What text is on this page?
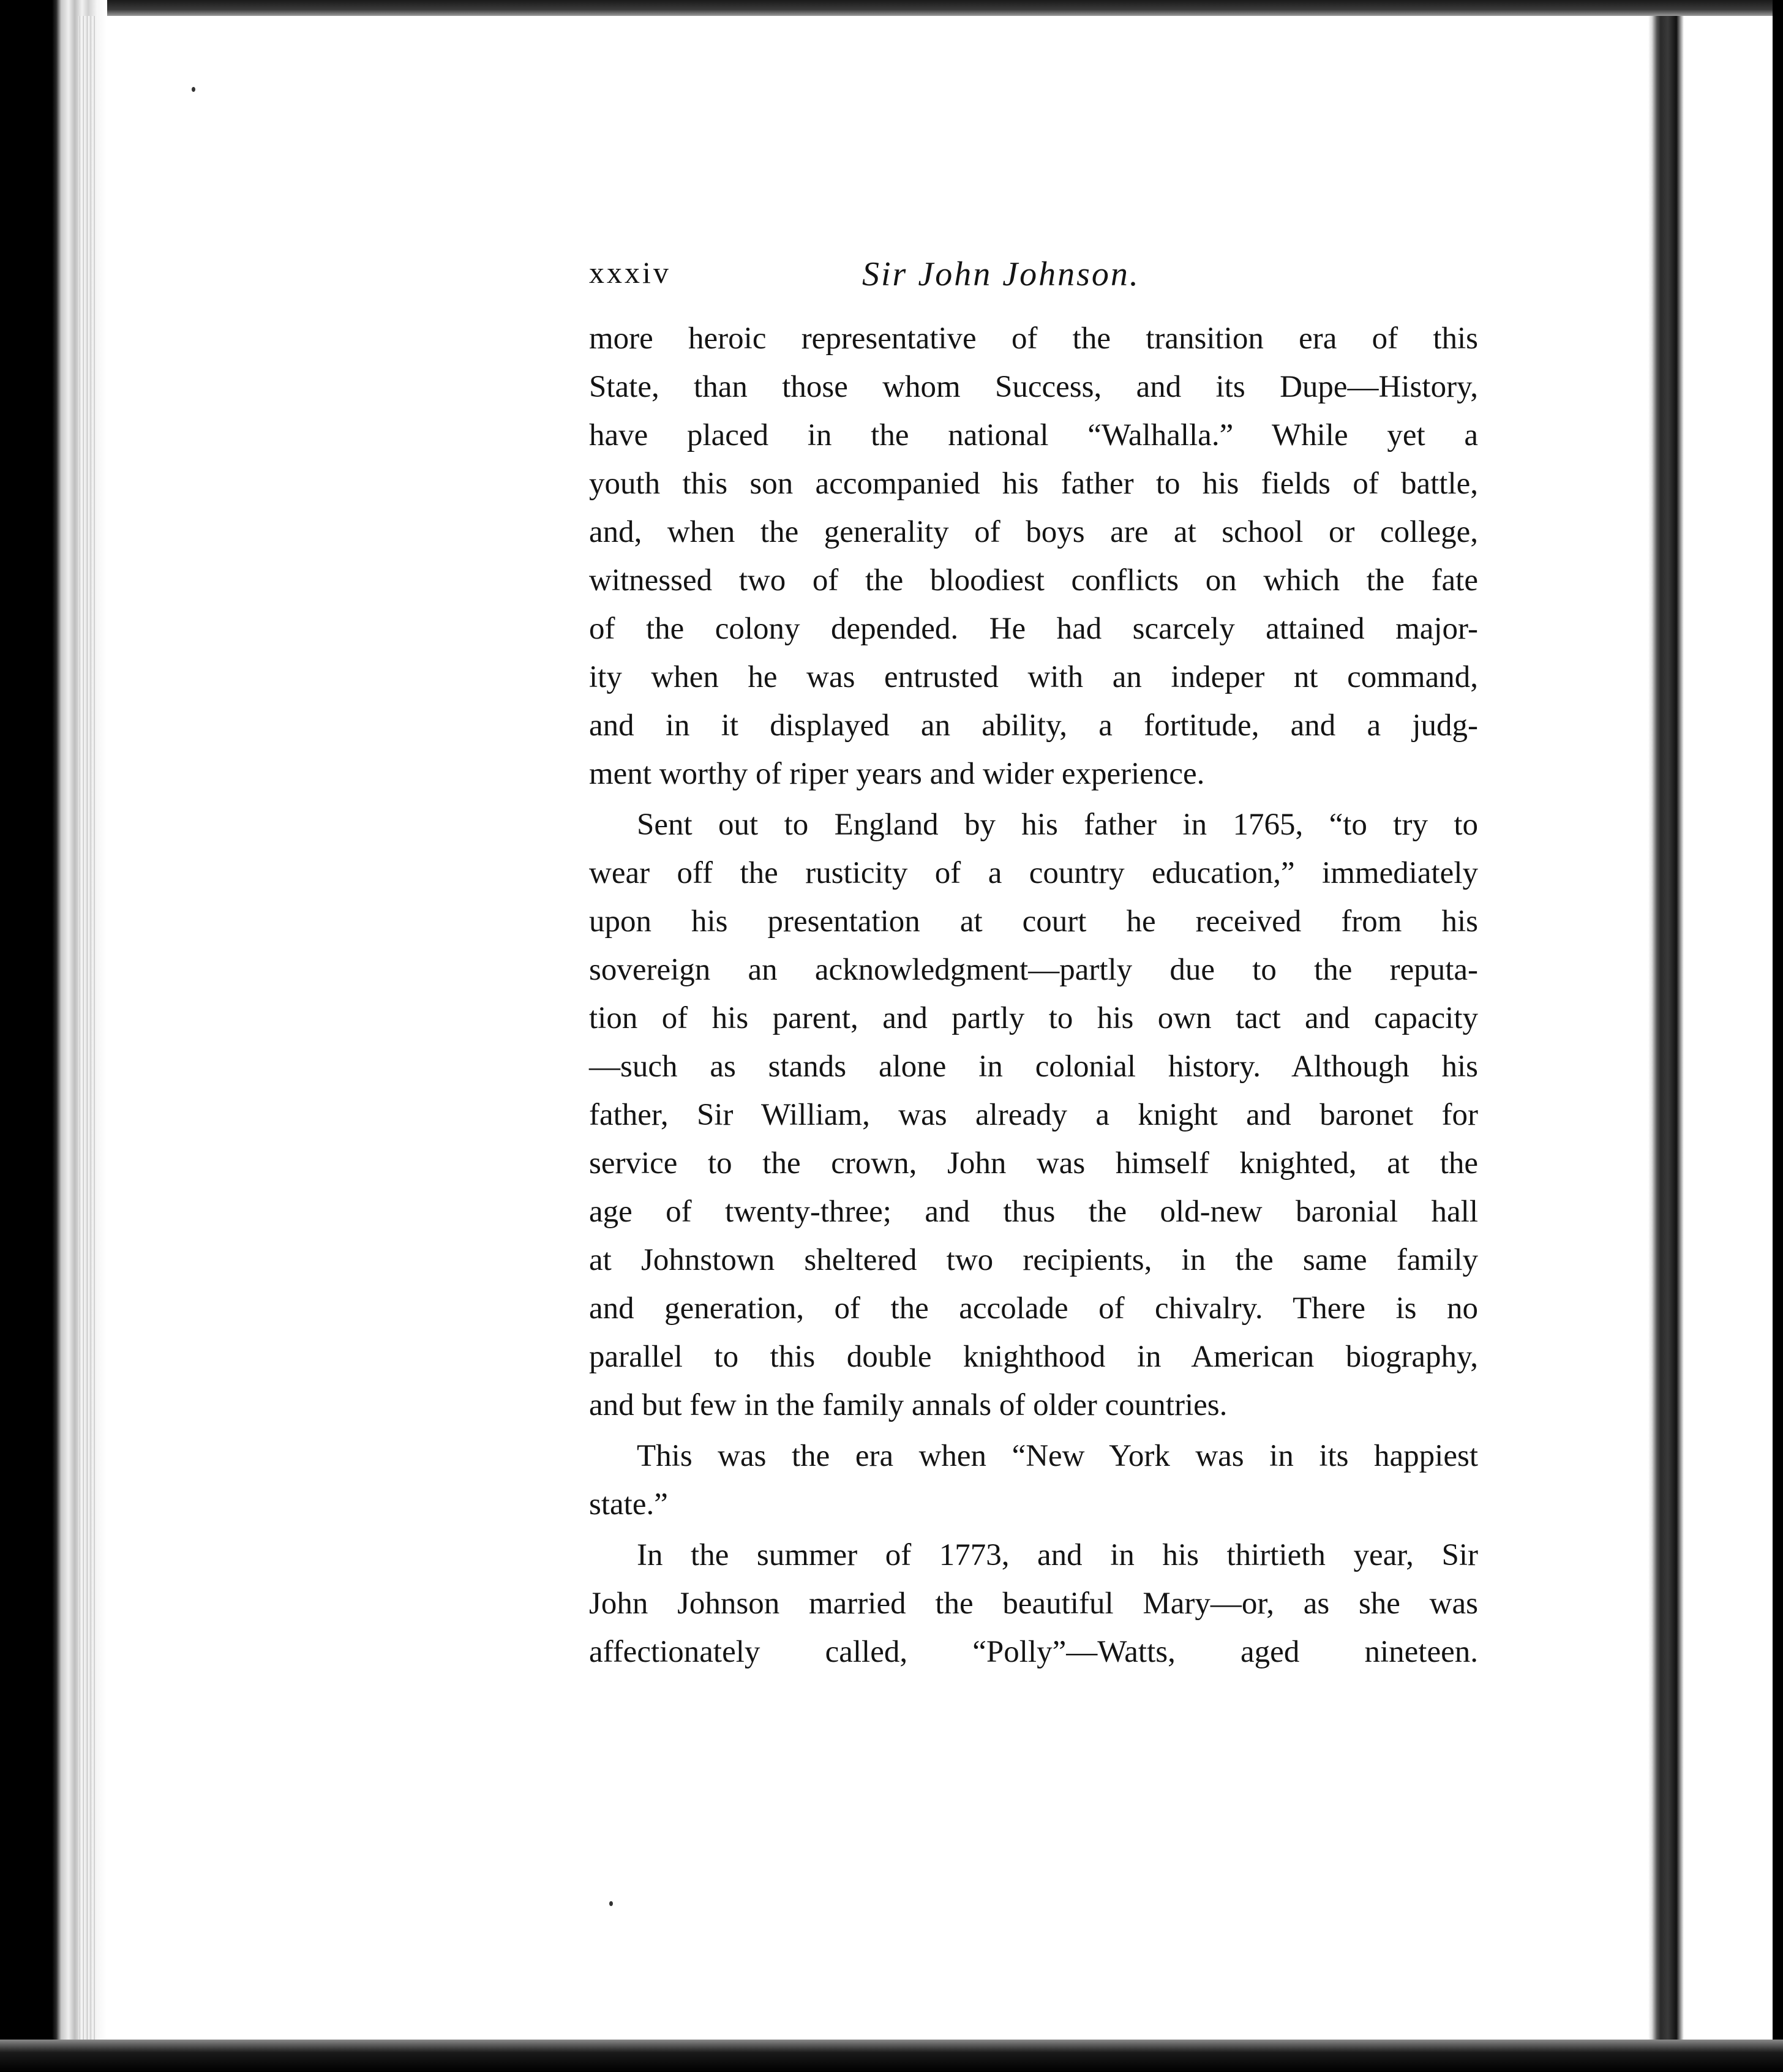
xxxiv	Sir John Johnson.
more heroic representative of the transition era of this
State, than those whom Success, and its Dupe—History,
have placed in the national “Walhalla.” While yet a
youth this son accompanied his father to his fields of battle,
and, when the generality of boys are at school or college,
witnessed two of the bloodiest conflicts on which the fate
of the colony depended. He had scarcely attained major-
ity when he was entrusted with an indeper nt command,
and in it displayed an ability, a fortitude, and a judg-
ment worthy of riper years and wider experience.
Sent out to England by his father in 1765, “to try to
wear off the rusticity of a country education,” immediately
upon his presentation at court he received from his
sovereign an acknowledgment—partly due to the reputa-
tion of his parent, and partly to his own tact and capacity
—such as stands alone in colonial history. Although his
father, Sir William, was already a knight and baronet for
service to the crown, John was himself knighted, at the
age of twenty-three; and thus the old-new baronial hall
at Johnstown sheltered two recipients, in the same family
and generation, of the accolade of chivalry. There is no
parallel to this double knighthood in American biography,
and but few in the family annals of older countries.
This was the era when “New York was in its happiest
state.”
In the summer of 1773, and in his thirtieth year, Sir
John Johnson married the beautiful Mary—or, as she was
affectionately called, “Polly”—Watts, aged nineteen.
